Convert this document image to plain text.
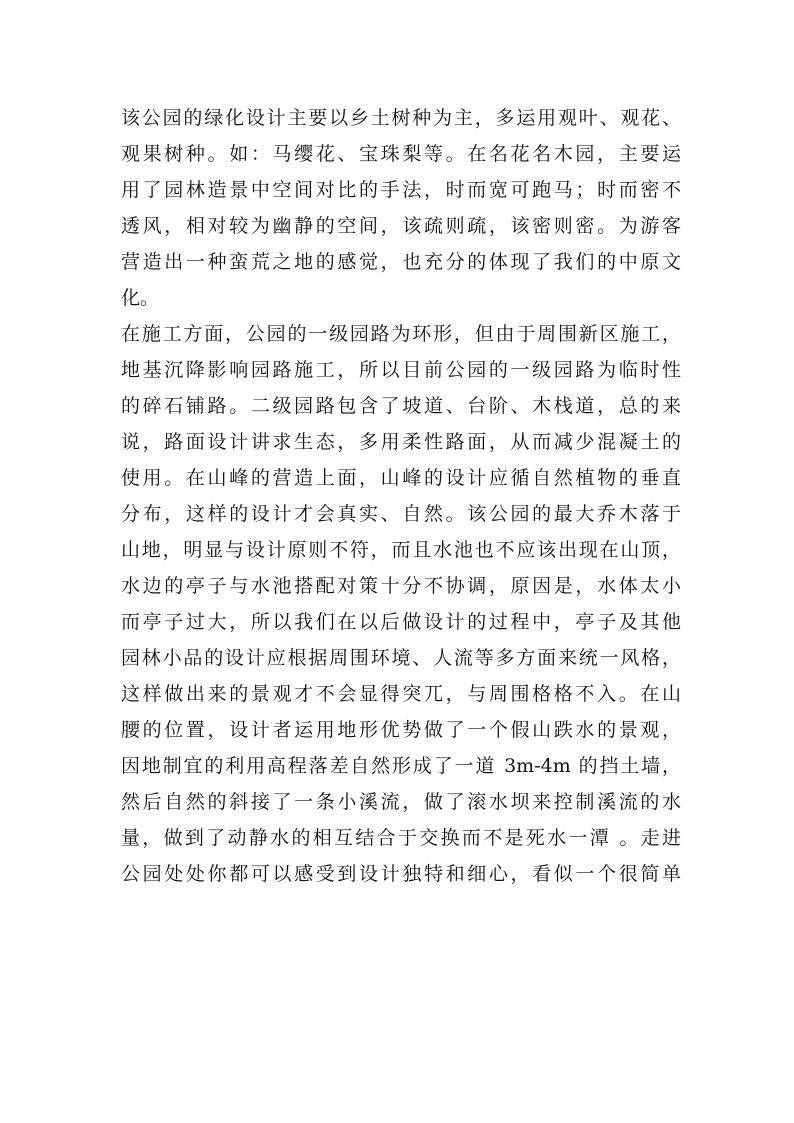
该公园的绿化设计主要以乡土树种为主，多运用观叶、观花、
观果树种。如：马缨花、宝珠梨等。在名花名木园，主要运
用了园林造景中空间对比的手法，时而宽可跑马；时而密不
透风，相对较为幽静的空间，该疏则疏，该密则密。为游客
营造出一种蛮荒之地的感觉，也充分的体现了我们的中原文
化。
在施工方面，公园的一级园路为环形，但由于周围新区施工，
地基沉降影响园路施工，所以目前公园的一级园路为临时性
的碎石铺路。二级园路包含了坡道、台阶、木栈道，总的来
说，路面设计讲求生态，多用柔性路面，从而减少混凝土的
使用。在山峰的营造上面，山峰的设计应循自然植物的垂直
分布，这样的设计才会真实、自然。该公园的最大乔木落于
山地，明显与设计原则不符，而且水池也不应该出现在山顶，
水边的亭子与水池搭配对策十分不协调，原因是，水体太小
而亭子过大，所以我们在以后做设计的过程中，亭子及其他
园林小品的设计应根据周围环境、人流等多方面来统一风格，
这样做出来的景观才不会显得突兀，与周围格格不入。在山
腰的位置，设计者运用地形优势做了一个假山跌水的景观，
因地制宜的利用高程落差自然形成了一道 3m-4m 的挡土墙，
然后自然的斜接了一条小溪流，做了滚水坝来控制溪流的水
量，做到了动静水的相互结合于交换而不是死水一潭 。走进
公园处处你都可以感受到设计独特和细心，看似一个很简单
